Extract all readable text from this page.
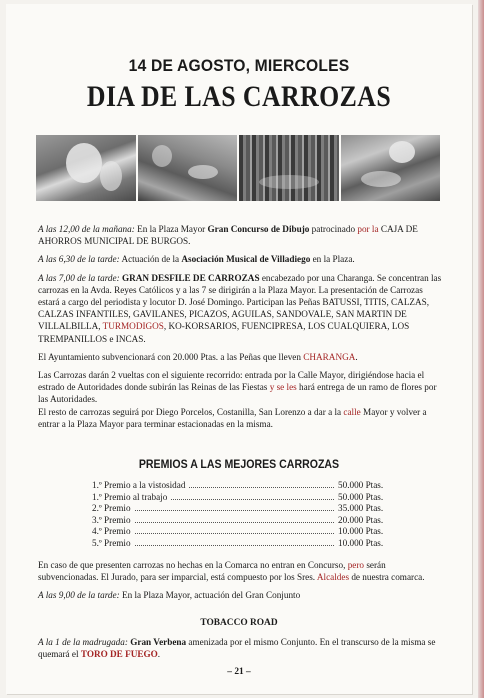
14 DE AGOSTO, MIERCOLES
DIA DE LAS CARROZAS

A las 12,00 de la mañana: En la Plaza Mayor Gran Concurso de Dibujo patrocinado por la CAJA DE AHORROS MUNICIPAL DE BURGOS.

A las 6,30 de la tarde: Actuación de la Asociación Musical de Villadiego en la Plaza.

A las 7,00 de la tarde: GRAN DESFILE DE CARROZAS encabezado por una Charanga. Se concentran las carrozas en la Avda. Reyes Católicos y a las 7 se dirigirán a la Plaza Mayor. La presentación de Carrozas estará a cargo del periodista y locutor D. José Domingo. Participan las Peñas BATUSSI, TITIS, CALZAS, CALZAS INFANTILES, GAVILANES, PICAZOS, AGUILAS, SANDOVALE, SAN MARTIN DE VILLALBILLA, TURMODIGOS, KO-KORSARIOS, FUENCIPRESA, LOS CUALQUIERA, LOS TREMPANILLOS e INCAS.

El Ayuntamiento subvencionará con 20.000 Ptas. a las Peñas que lleven CHARANGA.

Las Carrozas darán 2 vueltas con el siguiente recorrido: entrada por la Calle Mayor, dirigiéndose hacia el estrado de Autoridades donde subirán las Reinas de las Fiestas y se les hará entrega de un ramo de flores por las Autoridades.

El resto de carrozas seguirá por Diego Porcelos, Costanilla, San Lorenzo a dar a la calle Mayor y volver a entrar a la Plaza Mayor para terminar estacionadas en la misma.

PREMIOS A LAS MEJORES CARROZAS
1.º Premio a la vistosidad	50.000 Ptas.
1.º Premio al trabajo	50.000 Ptas.
2.º Premio	35.000 Ptas.
3.º Premio	20.000 Ptas.
4.º Premio	10.000 Ptas.
5.º Premio	10.000 Ptas.

En caso de que presenten carrozas no hechas en la Comarca no entran en Concurso, pero serán subvencionadas. El Jurado, para ser imparcial, está compuesto por los Sres. Alcaldes de nuestra comarca.

A las 9,00 de la tarde: En la Plaza Mayor, actuación del Gran Conjunto

TOBACCO ROAD

A la 1 de la madrugada: Gran Verbena amenizada por el mismo Conjunto. En el transcurso de la misma se quemará el TORO DE FUEGO.

– 21 –
